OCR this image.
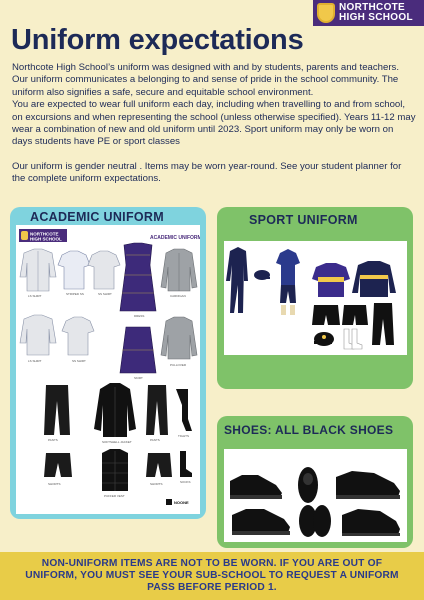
NORTHCOTE
HIGH SCHOOL
Uniform expectations

Northcote High School’s uniform was designed with and by students, parents and teachers. Our uniform communicates a belonging to and sense of pride in the school community. The uniform also signifies a safe, secure and equitable school environment.

You are expected to wear full uniform each day, including when travelling to and from school, on excursions and when representing the school (unless otherwise specified). Years 11-12 may wear a combination of new and old uniform until 2023. Sport uniform may only be worn on days students have PE or sport classes

Our uniform is gender neutral . Items may be worn year-round. See your student planner for the complete uniform expectations.

ACADEMIC UNIFORM
NORTHCOTE
HIGH SCHOOL	ACADEMIC UNIFORM
LS SHIRT	STRIPED SS	SS SHIRT
DRESS
CARDIGAN
LS SHIRT	SS SHIRT
SKIRT
PULLOVER
PANTS	SOFTSHELL JACKET	PANTS
TIGHTS
SHORTS
PUFFER VEST
SHORTS	SOCKS
NOONE
SPORT UNIFORM
SHOES: ALL BLACK SHOES
NON-UNIFORM ITEMS ARE NOT TO BE WORN. IF YOU ARE OUT OF UNIFORM, YOU MUST SEE YOUR SUB-SCHOOL TO REQUEST A UNIFORM PASS BEFORE PERIOD 1.
